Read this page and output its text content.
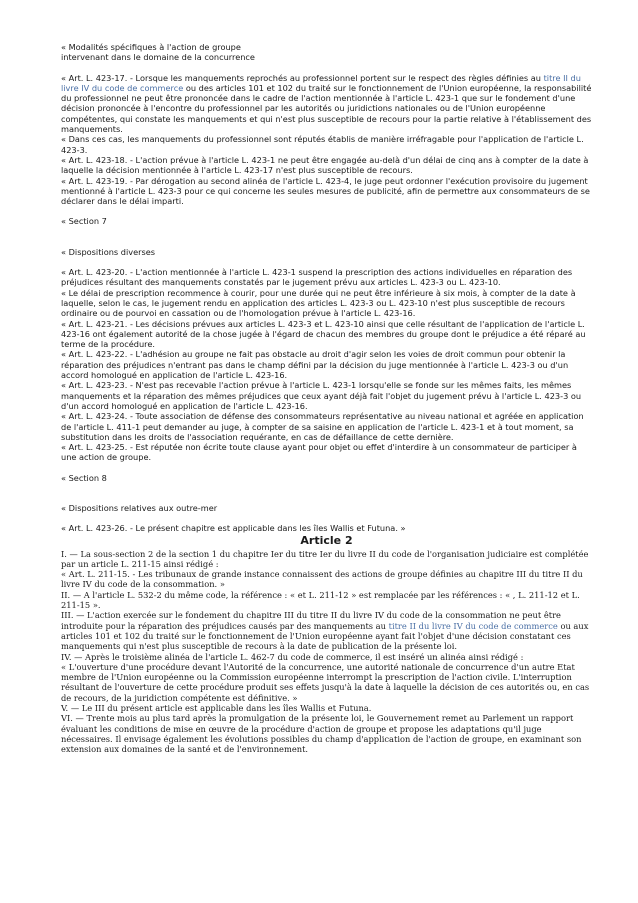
« Modalités spécifiques à l'action de groupe

intervenant dans le domaine de la concurrence

« Art. L. 423-17. - Lorsque les manquements reprochés au professionnel portent sur le respect des règles définies au titre II du livre IV du code de commerce ou des articles 101 et 102 du traité sur le fonctionnement de l'Union européenne, la responsabilité du professionnel ne peut être prononcée dans le cadre de l'action mentionnée à l'article L. 423-1 que sur le fondement d'une décision prononcée à l'encontre du professionnel par les autorités ou juridictions nationales ou de l'Union européenne compétentes, qui constate les manquements et qui n'est plus susceptible de recours pour la partie relative à l'établissement des manquements.

« Dans ces cas, les manquements du professionnel sont réputés établis de manière irréfragable pour l'application de l'article L. 423-3.

« Art. L. 423-18. - L'action prévue à l'article L. 423-1 ne peut être engagée au-delà d'un délai de cinq ans à compter de la date à laquelle la décision mentionnée à l'article L. 423-17 n'est plus susceptible de recours.

« Art. L. 423-19. - Par dérogation au second alinéa de l'article L. 423-4, le juge peut ordonner l'exécution provisoire du jugement mentionné à l'article L. 423-3 pour ce qui concerne les seules mesures de publicité, afin de permettre aux consommateurs de se déclarer dans le délai imparti.

« Section 7

« Dispositions diverses

« Art. L. 423-20. - L'action mentionnée à l'article L. 423-1 suspend la prescription des actions individuelles en réparation des préjudices résultant des manquements constatés par le jugement prévu aux articles L. 423-3 ou L. 423-10.

« Le délai de prescription recommence à courir, pour une durée qui ne peut être inférieure à six mois, à compter de la date à laquelle, selon le cas, le jugement rendu en application des articles L. 423-3 ou L. 423-10 n'est plus susceptible de recours ordinaire ou de pourvoi en cassation ou de l'homologation prévue à l'article L. 423-16.

« Art. L. 423-21. - Les décisions prévues aux articles L. 423-3 et L. 423-10 ainsi que celle résultant de l'application de l'article L. 423-16 ont également autorité de la chose jugée à l'égard de chacun des membres du groupe dont le préjudice a été réparé au terme de la procédure.

« Art. L. 423-22. - L'adhésion au groupe ne fait pas obstacle au droit d'agir selon les voies de droit commun pour obtenir la réparation des préjudices n'entrant pas dans le champ défini par la décision du juge mentionnée à l'article L. 423-3 ou d'un accord homologué en application de l'article L. 423-16.

« Art. L. 423-23. - N'est pas recevable l'action prévue à l'article L. 423-1 lorsqu'elle se fonde sur les mêmes faits, les mêmes manquements et la réparation des mêmes préjudices que ceux ayant déjà fait l'objet du jugement prévu à l'article L. 423-3 ou d'un accord homologué en application de l'article L. 423-16.

« Art. L. 423-24. - Toute association de défense des consommateurs représentative au niveau national et agréée en application de l'article L. 411-1 peut demander au juge, à compter de sa saisine en application de l'article L. 423-1 et à tout moment, sa substitution dans les droits de l'association requérante, en cas de défaillance de cette dernière.

« Art. L. 423-25. - Est réputée non écrite toute clause ayant pour objet ou effet d'interdire à un consommateur de participer à une action de groupe.

« Section 8

« Dispositions relatives aux outre-mer

« Art. L. 423-26. - Le présent chapitre est applicable dans les îles Wallis et Futuna. »

Article 2

I. — La sous-section 2 de la section 1 du chapitre Ier du titre Ier du livre II du code de l'organisation judiciaire est complétée par un article L. 211-15 ainsi rédigé :

« Art. L. 211-15. - Les tribunaux de grande instance connaissent des actions de groupe définies au chapitre III du titre II du livre IV du code de la consommation. »

II. — A l'article L. 532-2 du même code, la référence : « et L. 211-12 » est remplacée par les références : « , L. 211-12 et L. 211-15 ».

III. — L'action exercée sur le fondement du chapitre III du titre II du livre IV du code de la consommation ne peut être introduite pour la réparation des préjudices causés par des manquements au titre II du livre IV du code de commerce ou aux articles 101 et 102 du traité sur le fonctionnement de l'Union européenne ayant fait l'objet d'une décision constatant ces manquements qui n'est plus susceptible de recours à la date de publication de la présente loi.

IV. — Après le troisième alinéa de l'article L. 462-7 du code de commerce, il est inséré un alinéa ainsi rédigé :

« L'ouverture d'une procédure devant l'Autorité de la concurrence, une autorité nationale de concurrence d'un autre Etat membre de l'Union européenne ou la Commission européenne interrompt la prescription de l'action civile. L'interruption résultant de l'ouverture de cette procédure produit ses effets jusqu'à la date à laquelle la décision de ces autorités ou, en cas de recours, de la juridiction compétente est définitive. »

V. — Le III du présent article est applicable dans les îles Wallis et Futuna.

VI. — Trente mois au plus tard après la promulgation de la présente loi, le Gouvernement remet au Parlement un rapport évaluant les conditions de mise en œuvre de la procédure d'action de groupe et propose les adaptations qu'il juge nécessaires. Il envisage également les évolutions possibles du champ d'application de l'action de groupe, en examinant son extension aux domaines de la santé et de l'environnement.
